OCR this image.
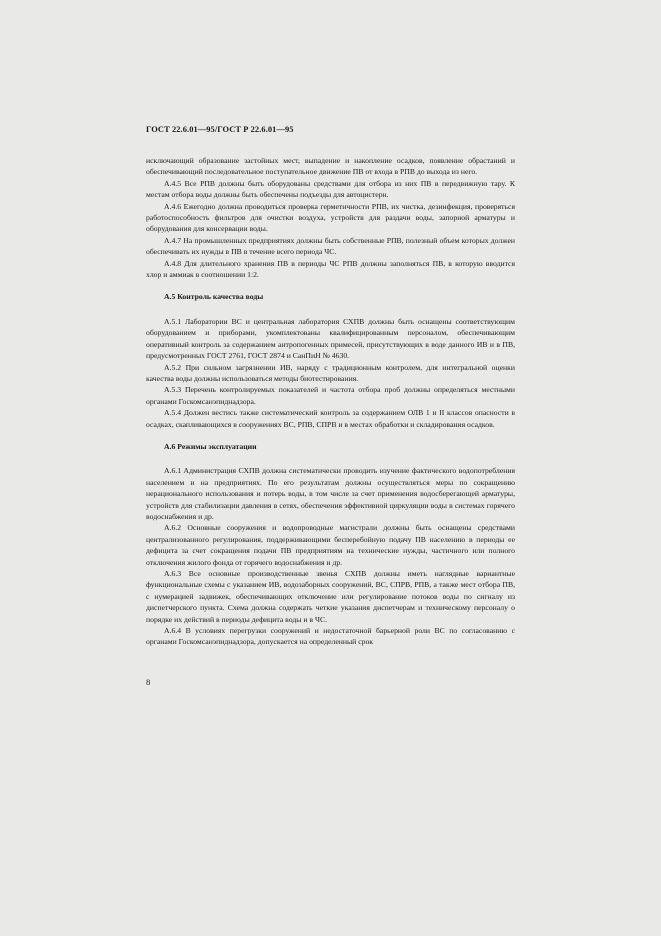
ГОСТ 22.6.01—95/ГОСТ Р 22.6.01—95

исключающий образование застойных мест, выпадение и накопление осадков, появление обрастаний и обеспечивающий последовательное поступательное движение ПВ от входа в РПВ до выхода из него.

А.4.5 Все РПВ должны быть оборудованы средствами для отбора из них ПВ в передвижную тару. К местам отбора воды должны быть обеспечены подъезды для автоцистерн.

А.4.6 Ежегодно должна проводиться проверка герметичности РПВ, их чистка, дезинфекция, проверяться работоспособность фильтров для очистки воздуха, устройств для раздачи воды, запорной арматуры и оборудования для консервации воды.

А.4.7 На промышленных предприятиях должны быть собственные РПВ, полезный объем которых должен обеспечивать их нужды в ПВ в течение всего периода ЧС.

А.4.8 Для длительного хранения ПВ в периоды ЧС РПВ должны заполняться ПВ, в которую вводится хлор и аммиак в соотношении 1:2.

А.5 Контроль качества воды

А.5.1 Лаборатории ВС и центральная лаборатория СХПВ должны быть оснащены соответствующим оборудованием и приборами, укомплектованы квалифицированным персоналом, обеспечивающим оперативный контроль за содержанием антропогенных примесей, присутствующих в воде данного ИВ и в ПВ, предусмотренных ГОСТ 2761, ГОСТ 2874 и СанПиН № 4630.

А.5.2 При сильном загрязнении ИВ, наряду с традиционным контролем, для интегральной оценки качества воды должны использоваться методы биотестирования.

А.5.3 Перечень контролируемых показателей и частота отбора проб должны определяться местными органами Госкомсанэпиднадзора.

А.5.4 Должен вестись также систематический контроль за содержанием ОЛВ 1 и II классов опасности в осадках, скапливающихся в сооружениях ВС, РПВ, СПРВ и в местах обработки и складирования осадков.

А.6 Режимы эксплуатации

А.6.1 Администрация СХПВ должна систематически проводить изучение фактического водопотребления населением и на предприятиях. По его результатам должны осуществляться меры по сокращению нерационального использования и потерь воды, в том числе за счет применения водосберегающей арматуры, устройств для стабилизации давления в сетях, обеспечения эффективной циркуляции воды в системах горячего водоснабжения и др.

А.6.2 Основные сооружения и водопроводные магистрали должны быть оснащены средствами централизованного регулирования, поддерживающими бесперебойную подачу ПВ населению в периоды ее дефицита за счет сокращения подачи ПВ предприятиям на технические нужды, частичного или полного отключения жилого фонда от горячего водоснабжения и др.

А.6.3 Все основные производственные звенья СХПВ должны иметь наглядные вариантные функциональные схемы с указанием ИВ, водозаборных сооружений, ВС, СПРВ, РПВ, а также мест отбора ПВ, с нумерацией задвижек, обеспечивающих отключение или регулирование потоков воды по сигналу из диспетчерского пункта. Схема должна содержать четкие указания диспетчерам и техническому персоналу о порядке их действий в периоды дефицита воды и в ЧС.

А.6.4 В условиях перегрузки сооружений и недостаточной барьерной роли ВС по согласованию с органами Госкомсанэпиднадзора, допускается на определенный срок

8
